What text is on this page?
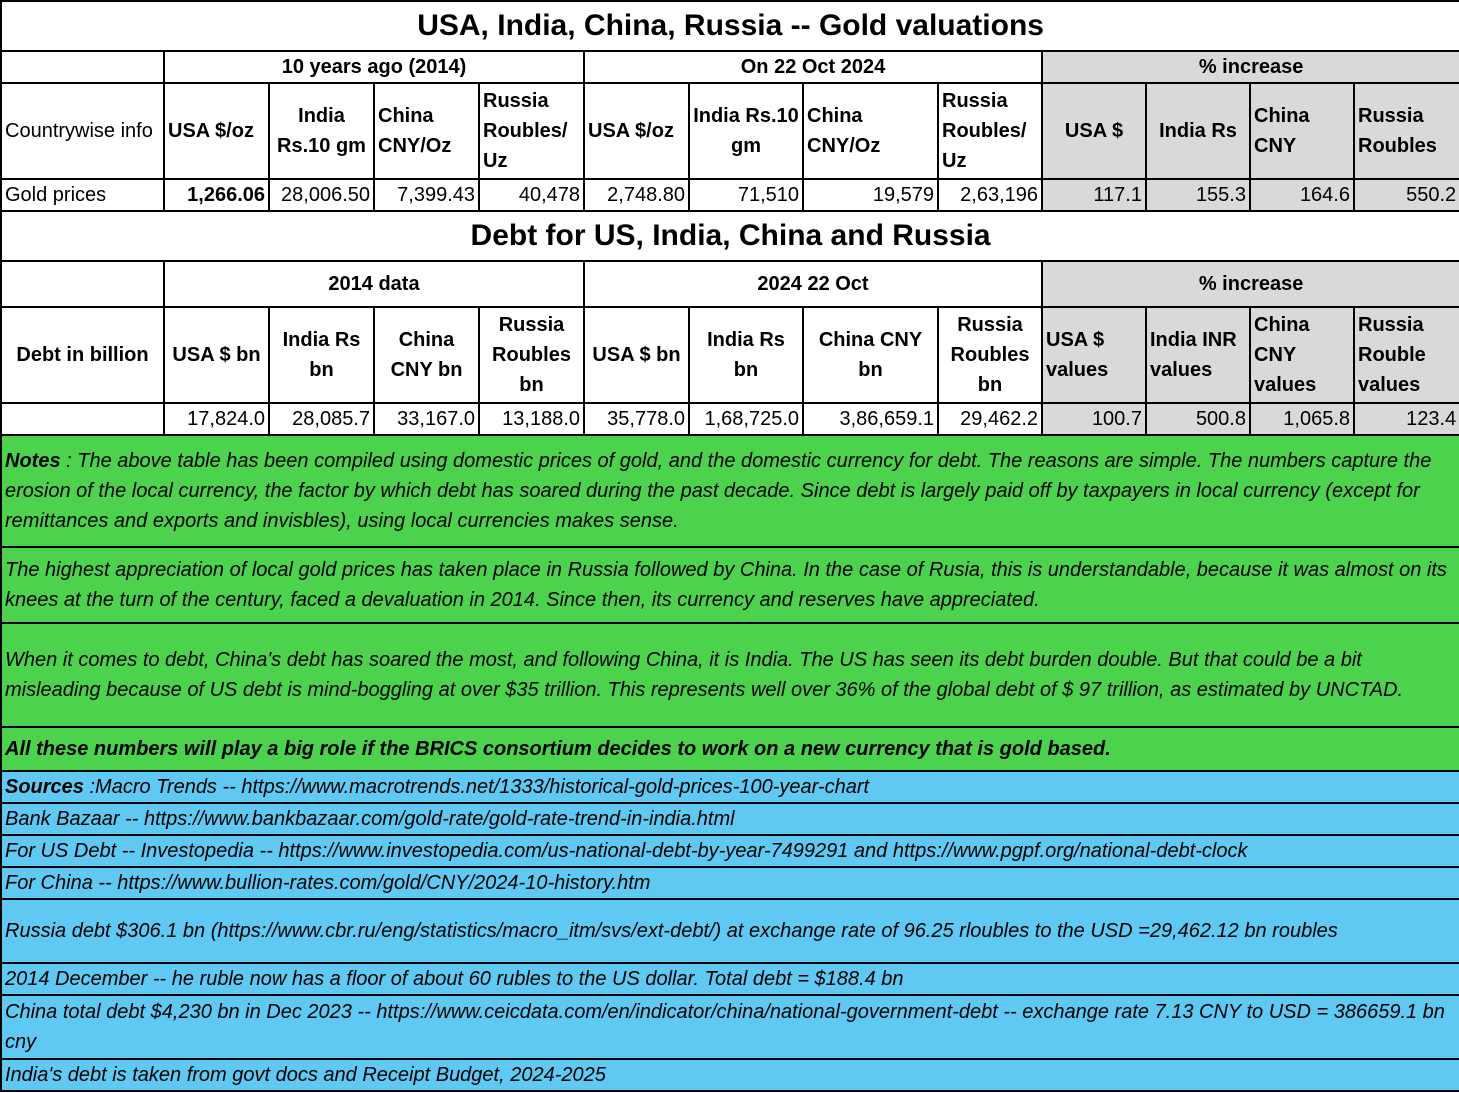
USA, India, China, Russia -- Gold valuations												
	10 years ago (2014)				On 22 Oct 2024				% increase			
Countrywise info	USA $/oz	India Rs.10 gm	China CNY/Oz	Russia Roubles/ Uz	USA $/oz	India Rs.10 gm	China CNY/Oz	Russia Roubles/ Uz	USA $	India Rs	China CNY	Russia Roubles
Gold prices	1,266.06	28,006.50	7,399.43	40,478	2,748.80	71,510	19,579	2,63,196	117.1	155.3	164.6	550.2
Debt for US, India, China and Russia												
	2014 data				2024 22 Oct				% increase			
Debt in billion	USA $ bn	India Rs bn	China CNY bn	Russia Roubles bn	USA $ bn	India Rs bn	China CNY bn	Russia Roubles bn	USA $ values	India INR values	China CNY values	Russia Rouble values
	17,824.0	28,085.7	33,167.0	13,188.0	35,778.0	1,68,725.0	3,86,659.1	29,462.2	100.7	500.8	1,065.8	123.4
Notes : The above table has been compiled using domestic prices of gold, and the domestic currency for debt. The reasons are simple. The numbers capture the erosion of the local currency, the factor by which debt has soared during the past decade. Since debt is largely paid off by taxpayers in local currency (except for remittances and exports and invisbles), using local currencies makes sense.												
The highest appreciation of local gold prices has taken place in Russia followed by China. In the case of Rusia, this is understandable, because it was almost on its knees at the turn of the century, faced a devaluation in 2014. Since then, its currency and reserves have appreciated.												
When it comes to debt, China's debt has soared the most, and following China, it is India. The US has seen its debt burden double. But that could be a bit misleading because of US debt is mind-boggling at over $35 trillion. This represents well over 36% of the global debt of $ 97 trillion, as estimated by UNCTAD.												
All these numbers will play a big role if the BRICS consortium decides to work on a new currency that is gold based.												
Sources :Macro Trends -- https://www.macrotrends.net/1333/historical-gold-prices-100-year-chart												
Bank Bazaar -- https://www.bankbazaar.com/gold-rate/gold-rate-trend-in-india.html												
For US Debt -- Investopedia -- https://www.investopedia.com/us-national-debt-by-year-7499291 and https://www.pgpf.org/national-debt-clock												
For China -- https://www.bullion-rates.com/gold/CNY/2024-10-history.htm												
Russia debt $306.1 bn (https://www.cbr.ru/eng/statistics/macro_itm/svs/ext-debt/) at exchange rate of 96.25 rloubles to the USD =29,462.12 bn roubles												
2014 December -- he ruble now has a floor of about 60 rubles to the US dollar. Total debt = $188.4 bn												
China total debt $4,230 bn in Dec 2023 -- https://www.ceicdata.com/en/indicator/china/national-government-debt -- exchange rate 7.13 CNY to USD = 386659.1 bn cny												
India's debt is taken from govt docs and Receipt Budget, 2024-2025												
